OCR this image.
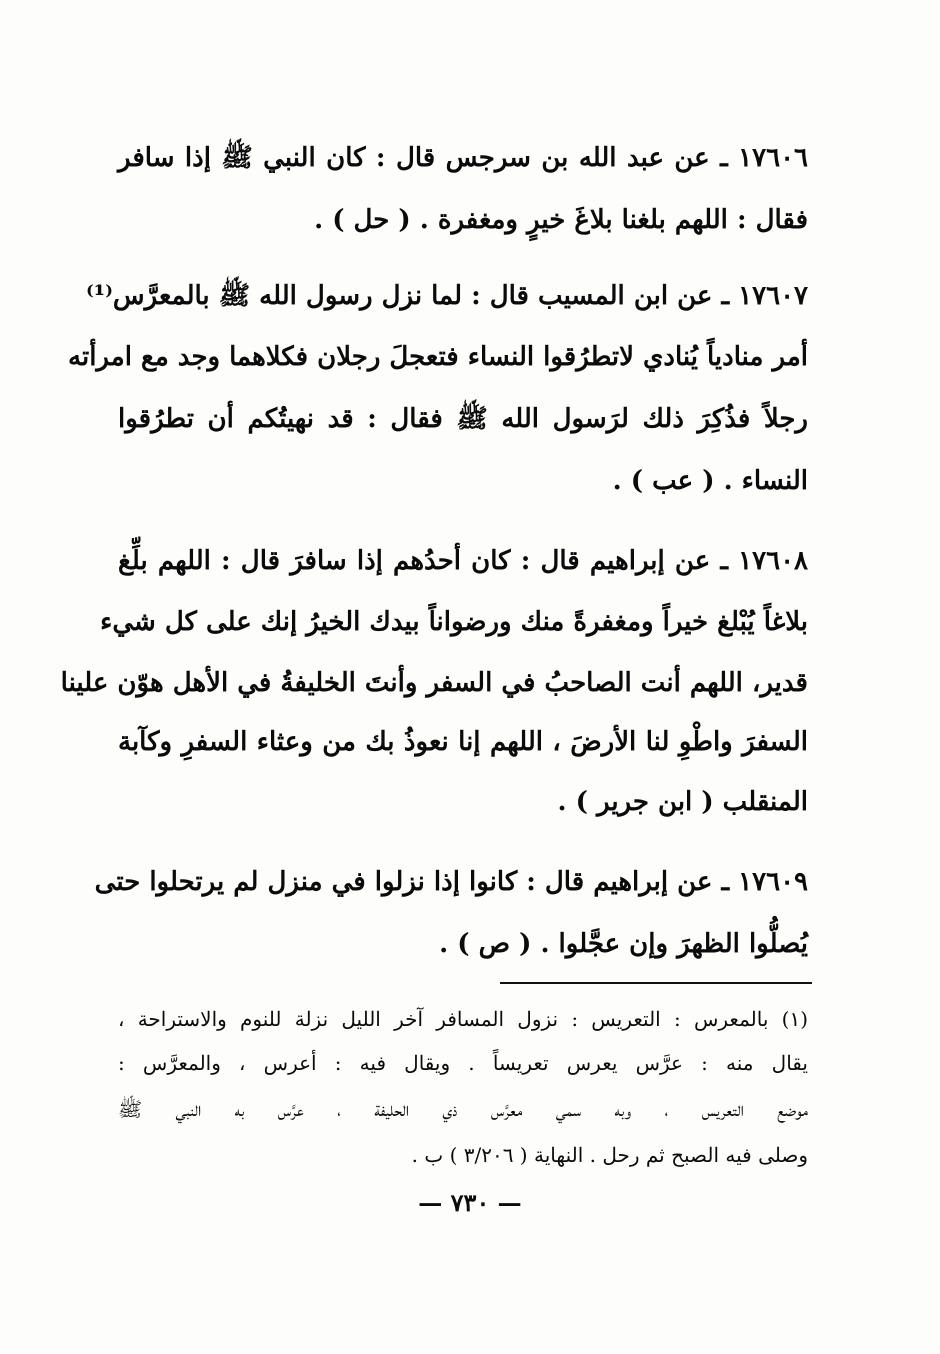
١٧٦٠٦ ـ عن عبد الله بن سرجس قال : كان النبي ﷺ إذا سافر
فقال : اللهم بلغنا بلاغَ خيرٍ ومغفرة . ( حل ) .
١٧٦٠٧ ـ عن ابن المسيب قال : لما نزل رسول الله ﷺ بالمعرَّس⁽¹⁾
أمر منادياً يُنادي لاتطرُقوا النساء فتعجلَ رجلان فكلاهما وجد مع امرأته
رجلاً فذُكِرَ ذلك لرَسول الله ﷺ فقال : قد نهيتُكم أن تطرُقوا
النساء . ( عب ) .
١٧٦٠٨ ـ عن إبراهيم قال : كان أحدُهم إذا سافرَ قال : اللهم بلِّغ
بلاغاً يُبْلغ خيراً ومغفرةً منك ورضواناً بيدك الخيرُ إنك على كل شيء
قدير، اللهم أنت الصاحبُ في السفر وأنتَ الخليفةُ في الأهل هوّن علينا
السفرَ واطْوِ لنا الأرضَ ، اللهم إنا نعوذُ بك من وعثاء السفرِ وكآبة
المنقلب ( ابن جرير ) .
١٧٦٠٩ ـ عن إبراهيم قال : كانوا إذا نزلوا في منزل لم يرتحلوا حتى
يُصلُّوا الظهرَ وإن عجَّلوا . ( ص ) .
(١) بالمعرس : التعريس : نزول المسافر آخر الليل نزلة للنوم والاستراحة ،
يقال منه : عرَّس يعرس تعريساً . ويقال فيه : أعرس ، والمعرَّس :
موضع التعريس ، وبه سمي معرَّس ذي الحليفة ، عرَّس به النبي ﷺ
وصلى فيه الصبح ثم رحل . النهاية ( ٣/٢٠٦ ) ب .
— ٧٣٠ —
